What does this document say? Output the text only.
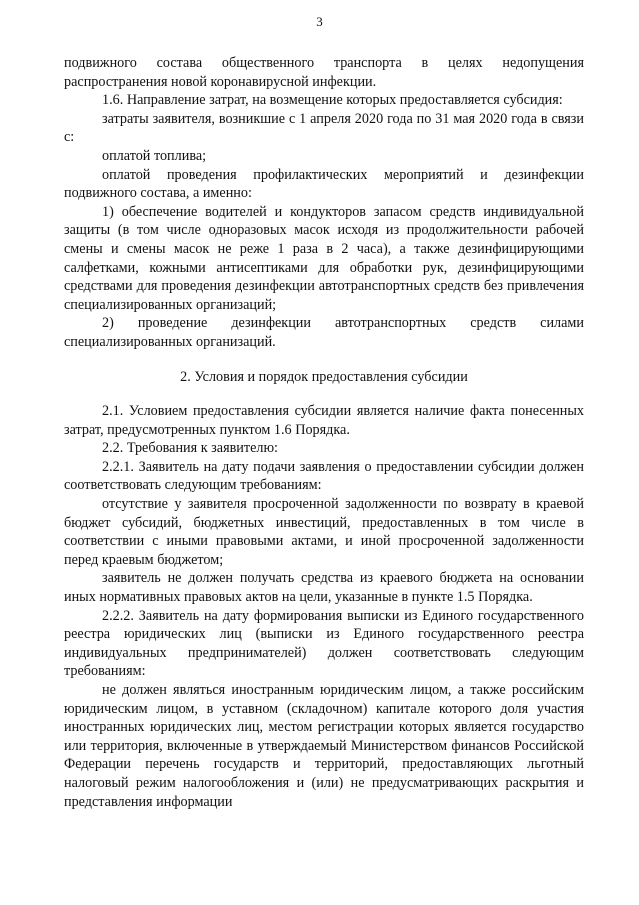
3

подвижного состава общественного транспорта в целях недопущения распространения новой коронавирусной инфекции.

1.6. Направление затрат, на возмещение которых предоставляется субсидия:

затраты заявителя, возникшие с 1 апреля 2020 года по 31 мая 2020 года в связи с:

оплатой топлива;

оплатой проведения профилактических мероприятий и дезинфекции подвижного состава, а именно:

1) обеспечение водителей и кондукторов запасом средств индивидуальной защиты (в том числе одноразовых масок исходя из продолжительности рабочей смены и смены масок не реже 1 раза в 2 часа), а также дезинфицирующими салфетками, кожными антисептиками для обработки рук, дезинфицирующими средствами для проведения дезинфекции автотранспортных средств без привлечения специализированных организаций;

2) проведение дезинфекции автотранспортных средств силами специализированных организаций.

2. Условия и порядок предоставления субсидии

2.1. Условием предоставления субсидии является наличие факта понесенных затрат, предусмотренных пунктом 1.6 Порядка.

2.2. Требования к заявителю:

2.2.1. Заявитель на дату подачи заявления о предоставлении субсидии должен соответствовать следующим требованиям:

отсутствие у заявителя просроченной задолженности по возврату в краевой бюджет субсидий, бюджетных инвестиций, предоставленных в том числе в соответствии с иными правовыми актами, и иной просроченной задолженности перед краевым бюджетом;

заявитель не должен получать средства из краевого бюджета на основании иных нормативных правовых актов на цели, указанные в пункте 1.5 Порядка.

2.2.2. Заявитель на дату формирования выписки из Единого государственного реестра юридических лиц (выписки из Единого государственного реестра индивидуальных предпринимателей) должен соответствовать следующим требованиям:

не должен являться иностранным юридическим лицом, а также российским юридическим лицом, в уставном (складочном) капитале которого доля участия иностранных юридических лиц, местом регистрации которых является государство или территория, включенные в утверждаемый Министерством финансов Российской Федерации перечень государств и территорий, предоставляющих льготный налоговый режим налогообложения и (или) не предусматривающих раскрытия и представления информации
